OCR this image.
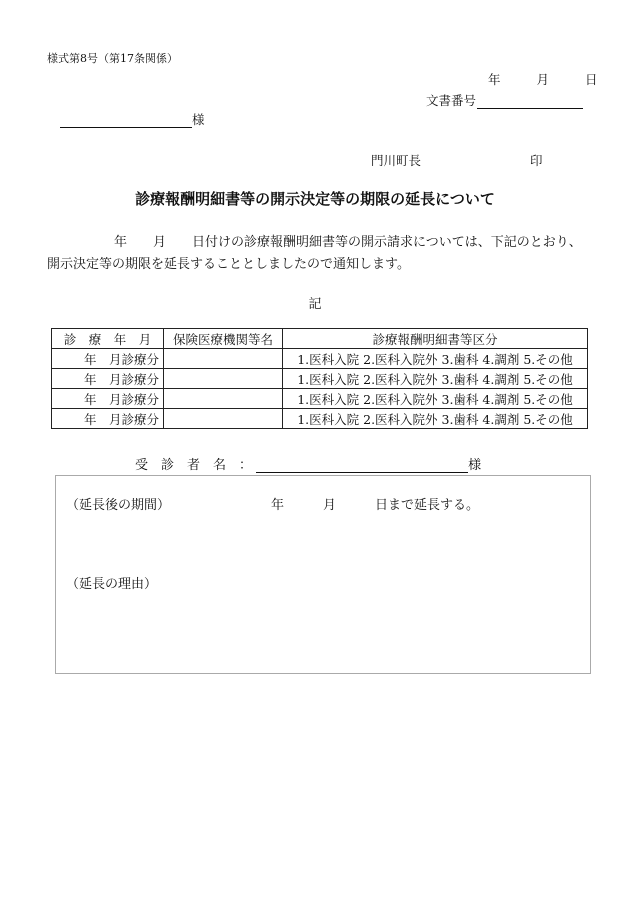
様式第8号（第17条関係）
年	月	日
文書番号
様
門川町長	印
診療報酬明細書等の開示決定等の期限の延長について
年　　月　　日付けの診療報酬明細書等の開示請求については、下記のとおり、
開示決定等の期限を延長することとしましたので通知します。
記
診　療　年　月	保険医療機関等名	診療報酬明細書等区分
年　月診療分		1.医科入院 2.医科入院外 3.歯科 4.調剤 5.その他
年　月診療分		1.医科入院 2.医科入院外 3.歯科 4.調剤 5.その他
年　月診療分		1.医科入院 2.医科入院外 3.歯科 4.調剤 5.その他
年　月診療分		1.医科入院 2.医科入院外 3.歯科 4.調剤 5.その他
受　診　者　名　：	様
（延長後の期間）	年　　　月　　　日まで延長する。
（延長の理由）
